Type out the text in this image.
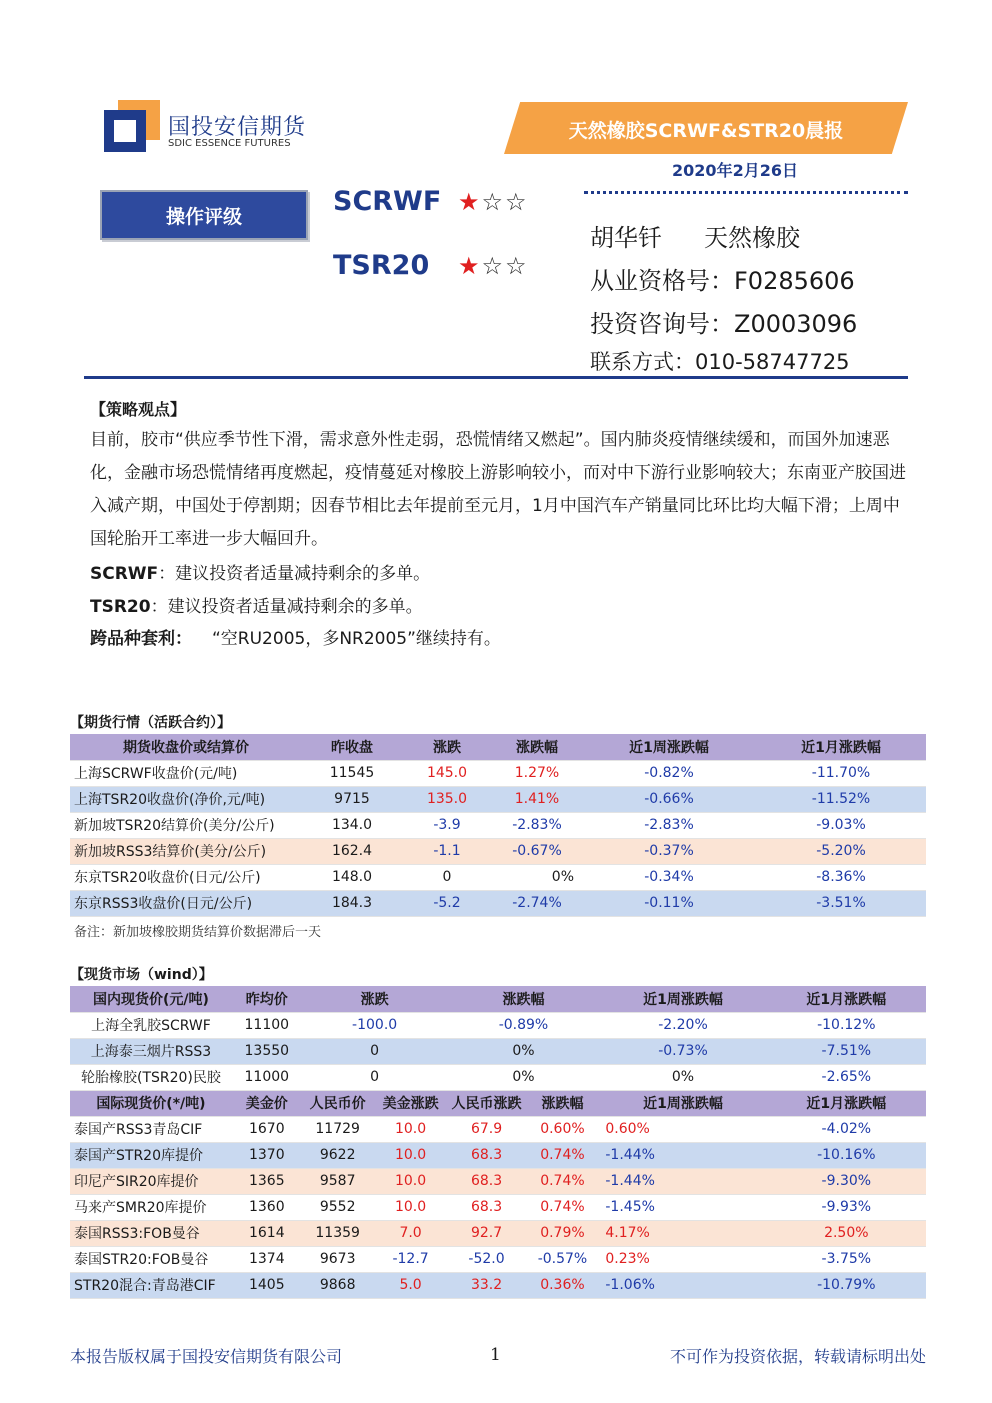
国投安信期货
SDIC ESSENCE FUTURES
天然橡胶SCRWF&STR20晨报
2020年2月26日
操作评级	SCRWF ★☆☆
TSR20 ★☆☆
胡华钎 天然橡胶
从业资格号：F0285606
投资咨询号：Z0003096
联系方式：010-58747725
【策略观点】
目前，胶市“供应季节性下滑，需求意外性走弱，恐慌情绪又燃起”。国内肺炎疫情继续缓和，而国外加速恶化，金融市场恐慌情绪再度燃起，疫情蔓延对橡胶上游影响较小，而对中下游行业影响较大；东南亚产胶国进入减产期，中国处于停割期；因春节相比去年提前至元月，1月中国汽车产销量同比环比均大幅下滑；上周中国轮胎开工率进一步大幅回升。
SCRWF：建议投资者适量减持剩余的多单。
TSR20：建议投资者适量减持剩余的多单。
跨品种套利： “空RU2005，多NR2005”继续持有。
【期货行情（活跃合约）】
期货收盘价或结算价	昨收盘	涨跌	涨跌幅	近1周涨跌幅	近1月涨跌幅
上海SCRWF收盘价(元/吨)	11545	145.0	1.27%	-0.82%	-11.70%
上海TSR20收盘价(净价,元/吨)	9715	135.0	1.41%	-0.66%	-11.52%
新加坡TSR20结算价(美分/公斤)	134.0	-3.9	-2.83%	-2.83%	-9.03%
新加坡RSS3结算价(美分/公斤)	162.4	-1.1	-0.67%	-0.37%	-5.20%
东京TSR20收盘价(日元/公斤)	148.0	0	0%	-0.34%	-8.36%
东京RSS3收盘价(日元/公斤)	184.3	-5.2	-2.74%	-0.11%	-3.51%
备注：新加坡橡胶期货结算价数据滞后一天
【现货市场（wind）】
国内现货价(元/吨)	昨均价	涨跌		涨跌幅		近1周涨跌幅	近1月涨跌幅
上海全乳胶SCRWF	11100	-100.0		-0.89%		-2.20%	-10.12%
上海泰三烟片RSS3	13550	0		0%		-0.73%	-7.51%
轮胎橡胶(TSR20)民胶	11000	0		0%		0%	-2.65%
国际现货价(*/吨)	美金价	人民币价	美金涨跌	人民币涨跌	涨跌幅	近1周涨跌幅	近1月涨跌幅
泰国产RSS3青岛CIF	1670	11729	10.0	67.9	0.60%	0.60%	-4.02%
泰国产STR20库提价	1370	9622	10.0	68.3	0.74%	-1.44%	-10.16%
印尼产SIR20库提价	1365	9587	10.0	68.3	0.74%	-1.44%	-9.30%
马来产SMR20库提价	1360	9552	10.0	68.3	0.74%	-1.45%	-9.93%
泰国RSS3:FOB曼谷	1614	11359	7.0	92.7	0.79%	4.17%	2.50%
泰国STR20:FOB曼谷	1374	9673	-12.7	-52.0	-0.57%	0.23%	-3.75%
STR20混合:青岛港CIF	1405	9868	5.0	33.2	0.36%	-1.06%	-10.79%
本报告版权属于国投安信期货有限公司	1	不可作为投资依据，转载请标明出处
